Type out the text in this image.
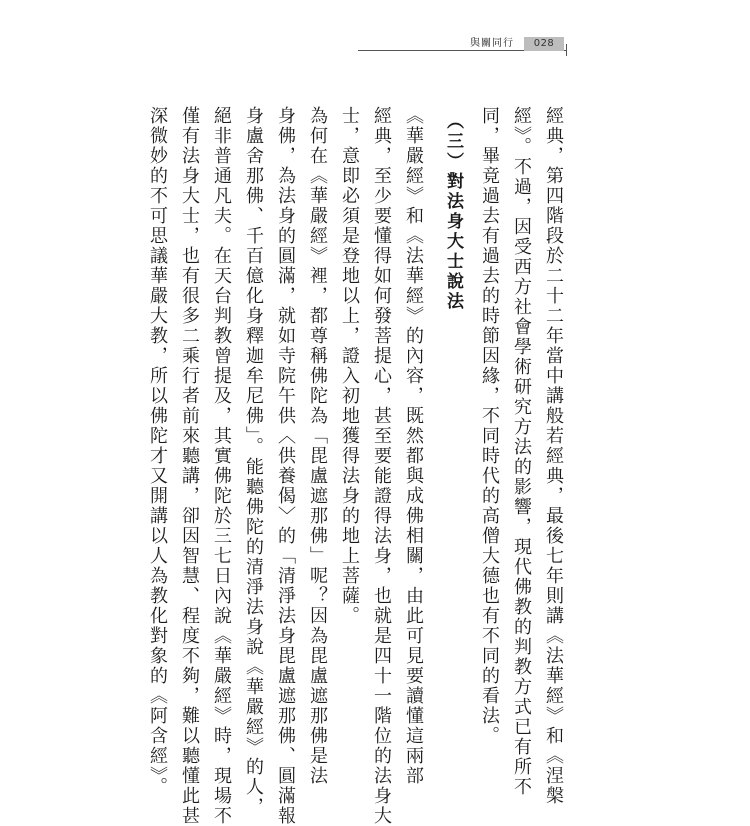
與關同行	028
經典，第四階段於二十二年當中講般若經典，最後七年則講《法華經》和《涅槃
經》。不過，因受西方社會學術研究方法的影響，現代佛教的判教方式已有所不
同，畢竟過去有過去的時節因緣，不同時代的高僧大德也有不同的看法。
（三）對法身大士說法
《華嚴經》和《法華經》的內容，既然都與成佛相關，由此可見要讀懂這兩部
經典，至少要懂得如何發菩提心，甚至要能證得法身，也就是四十一階位的法身大
士，意即必須是登地以上，證入初地獲得法身的地上菩薩。
為何在《華嚴經》裡，都尊稱佛陀為「毘盧遮那佛」呢？因為毘盧遮那佛是法
身佛，為法身的圓滿，就如寺院午供〈供養偈〉的「清淨法身毘盧遮那佛、圓滿報
身盧舍那佛、千百億化身釋迦牟尼佛」。能聽佛陀的清淨法身說《華嚴經》的人，
絕非普通凡夫。在天台判教曾提及，其實佛陀於三七日內說《華嚴經》時，現場不
僅有法身大士，也有很多二乘行者前來聽講，卻因智慧、程度不夠，難以聽懂此甚
深微妙的不可思議華嚴大教，所以佛陀才又開講以人為教化對象的《阿含經》。
